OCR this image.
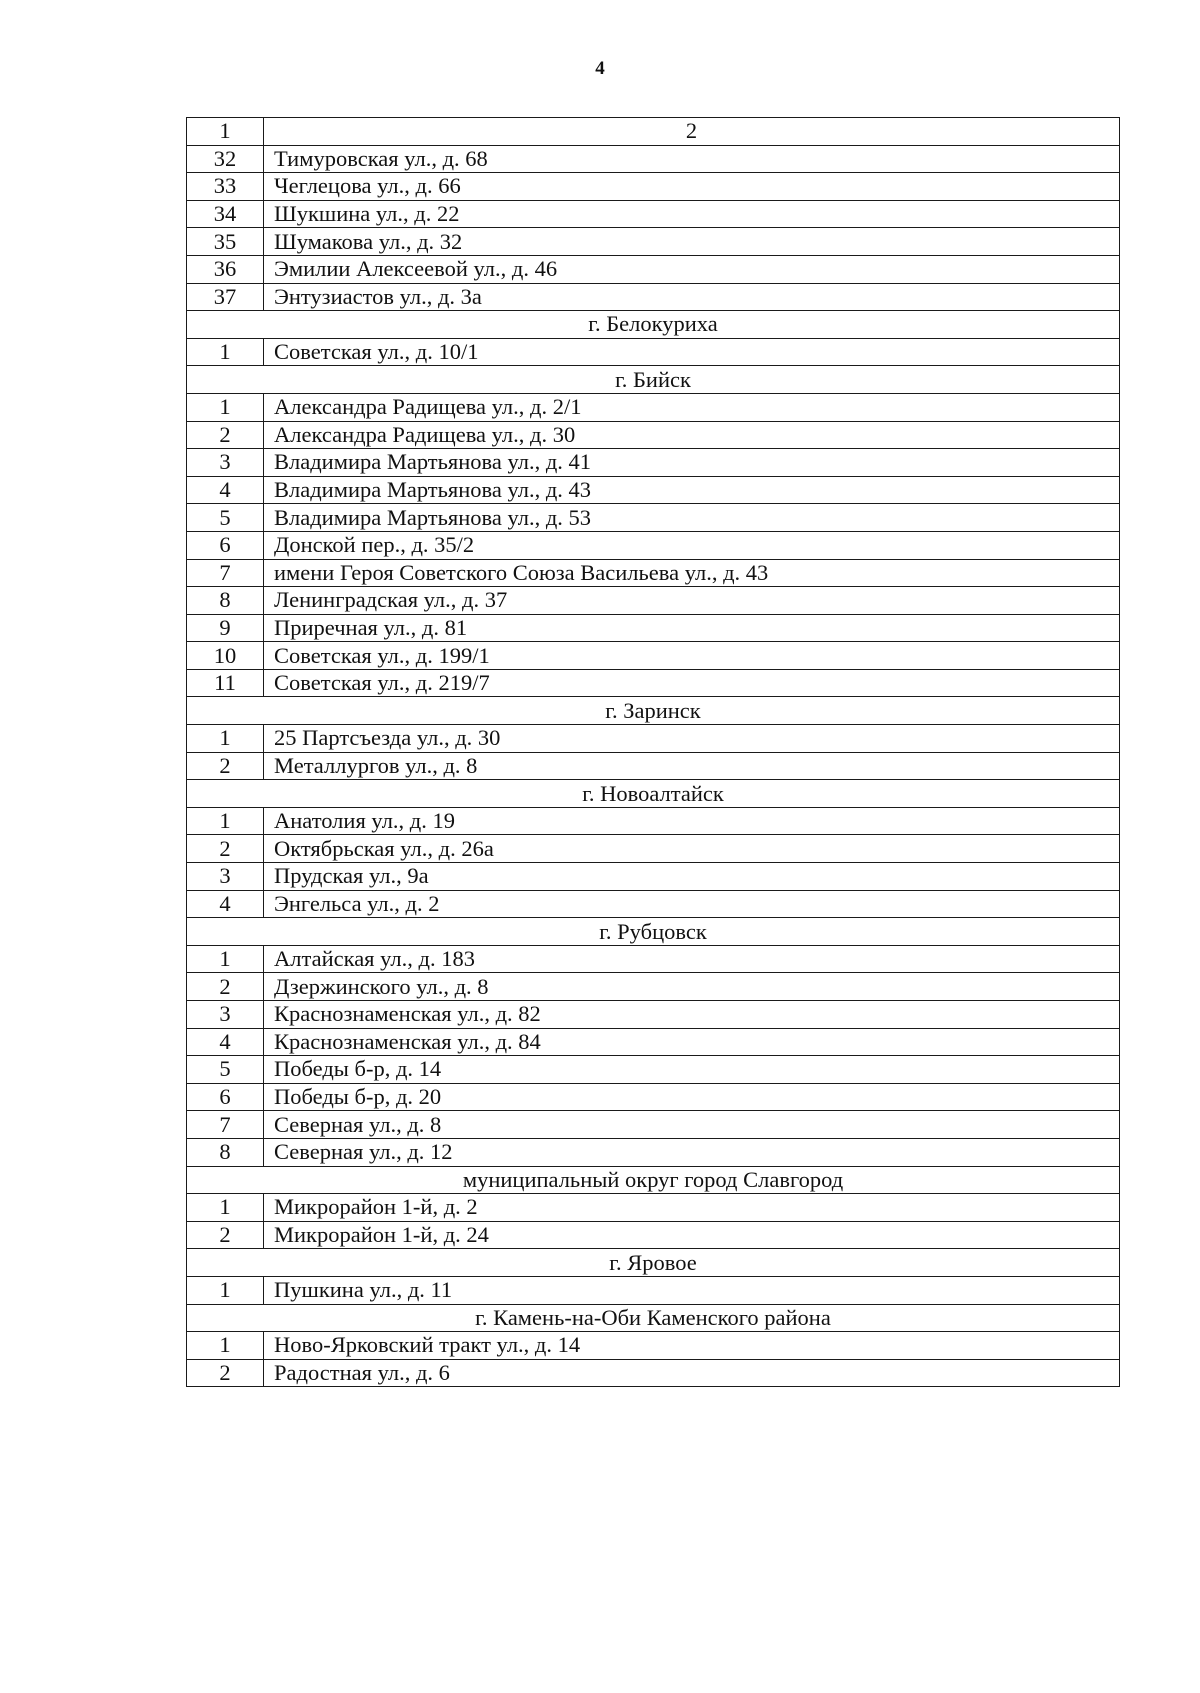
4
1	2
32	Тимуровская ул., д. 68
33	Чеглецова ул., д. 66
34	Шукшина ул., д. 22
35	Шумакова ул., д. 32
36	Эмилии Алексеевой ул., д. 46
37	Энтузиастов ул., д. 3а
г. Белокуриха	
1	Советская ул., д. 10/1
г. Бийск	
1	Александра Радищева ул., д. 2/1
2	Александра Радищева ул., д. 30
3	Владимира Мартьянова ул., д. 41
4	Владимира Мартьянова ул., д. 43
5	Владимира Мартьянова ул., д. 53
6	Донской пер., д. 35/2
7	имени Героя Советского Союза Васильева ул., д. 43
8	Ленинградская ул., д. 37
9	Приречная ул., д. 81
10	Советская ул., д. 199/1
11	Советская ул., д. 219/7
г. Заринск	
1	25 Партсъезда ул., д. 30
2	Металлургов ул., д. 8
г. Новоалтайск	
1	Анатолия ул., д. 19
2	Октябрьская ул., д. 26а
3	Прудская ул., 9а
4	Энгельса ул., д. 2
г. Рубцовск	
1	Алтайская ул., д. 183
2	Дзержинского ул., д. 8
3	Краснознаменская ул., д. 82
4	Краснознаменская ул., д. 84
5	Победы б-р, д. 14
6	Победы б-р, д. 20
7	Северная ул., д. 8
8	Северная ул., д. 12
муниципальный округ город Славгород	
1	Микрорайон 1-й, д. 2
2	Микрорайон 1-й, д. 24
г. Яровое	
1	Пушкина ул., д. 11
г. Камень-на-Оби Каменского района	
1	Ново-Ярковский тракт ул., д. 14
2	Радостная ул., д. 6
